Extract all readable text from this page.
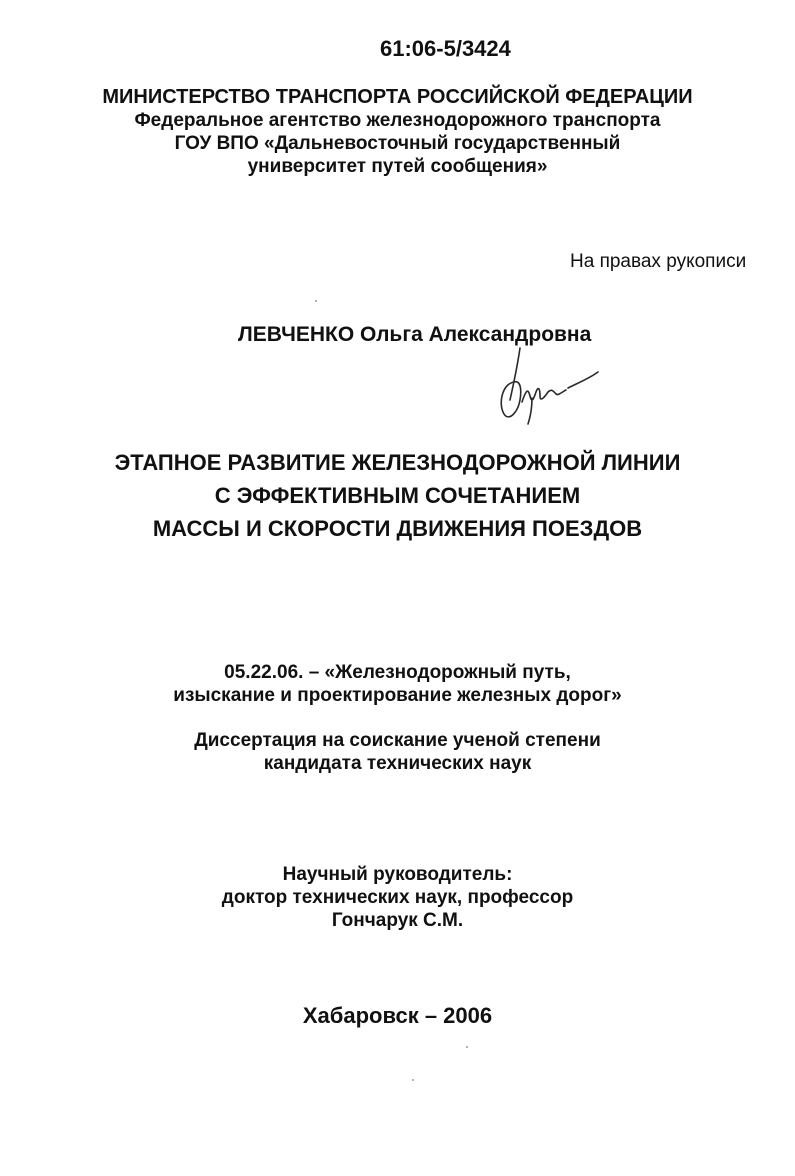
61:06-5/3424
МИНИСТЕРСТВО ТРАНСПОРТА РОССИЙСКОЙ ФЕДЕРАЦИИ
Федеральное агентство железнодорожного транспорта
ГОУ ВПО «Дальневосточный государственный
университет путей сообщения»
На правах рукописи
ЛЕВЧЕНКО Ольга Александровна
ЭТАПНОЕ РАЗВИТИЕ ЖЕЛЕЗНОДОРОЖНОЙ ЛИНИИ
С ЭФФЕКТИВНЫМ СОЧЕТАНИЕМ
МАССЫ И СКОРОСТИ ДВИЖЕНИЯ ПОЕЗДОВ
05.22.06. – «Железнодорожный путь,
изыскание и проектирование железных дорог»
Диссертация на соискание ученой степени
кандидата технических наук
Научный руководитель:
доктор технических наук, профессор
Гончарук С.М.
Хабаровск – 2006
